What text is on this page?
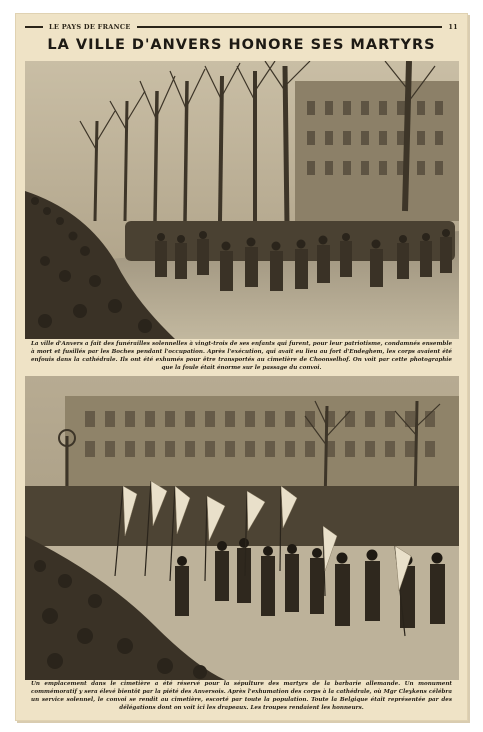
LE PAYS DE FRANCE	11
LA VILLE D'ANVERS HONORE SES MARTYRS
La ville d'Anvers a fait des funérailles solennelles à vingt-trois de ses enfants qui furent, pour leur patriotisme, condamnés ensemble à mort et fusillés par les Boches pendant l'occupation. Après l'exécution, qui avait eu lieu au fort d'Endeghem, les corps avaient été enfouis dans la cathédrale. Ils ont été exhumés pour être transportés au cimetière de Choonselhof. On voit par cette photographie que la foule était énorme sur le passage du convoi.
Un emplacement dans le cimetière a été réservé pour la sépulture des martyrs de la barbarie allemande. Un monument commémoratif y sera élevé bientôt par la piété des Anversois. Après l'exhumation des corps à la cathédrale, où Mgr Cleykens célébra un service solennel, le convoi se rendit au cimetière, escorté par toute la population. Toute la Belgique était représentée par des délégations dont on voit ici les drapeaux. Les troupes rendaient les honneurs.
